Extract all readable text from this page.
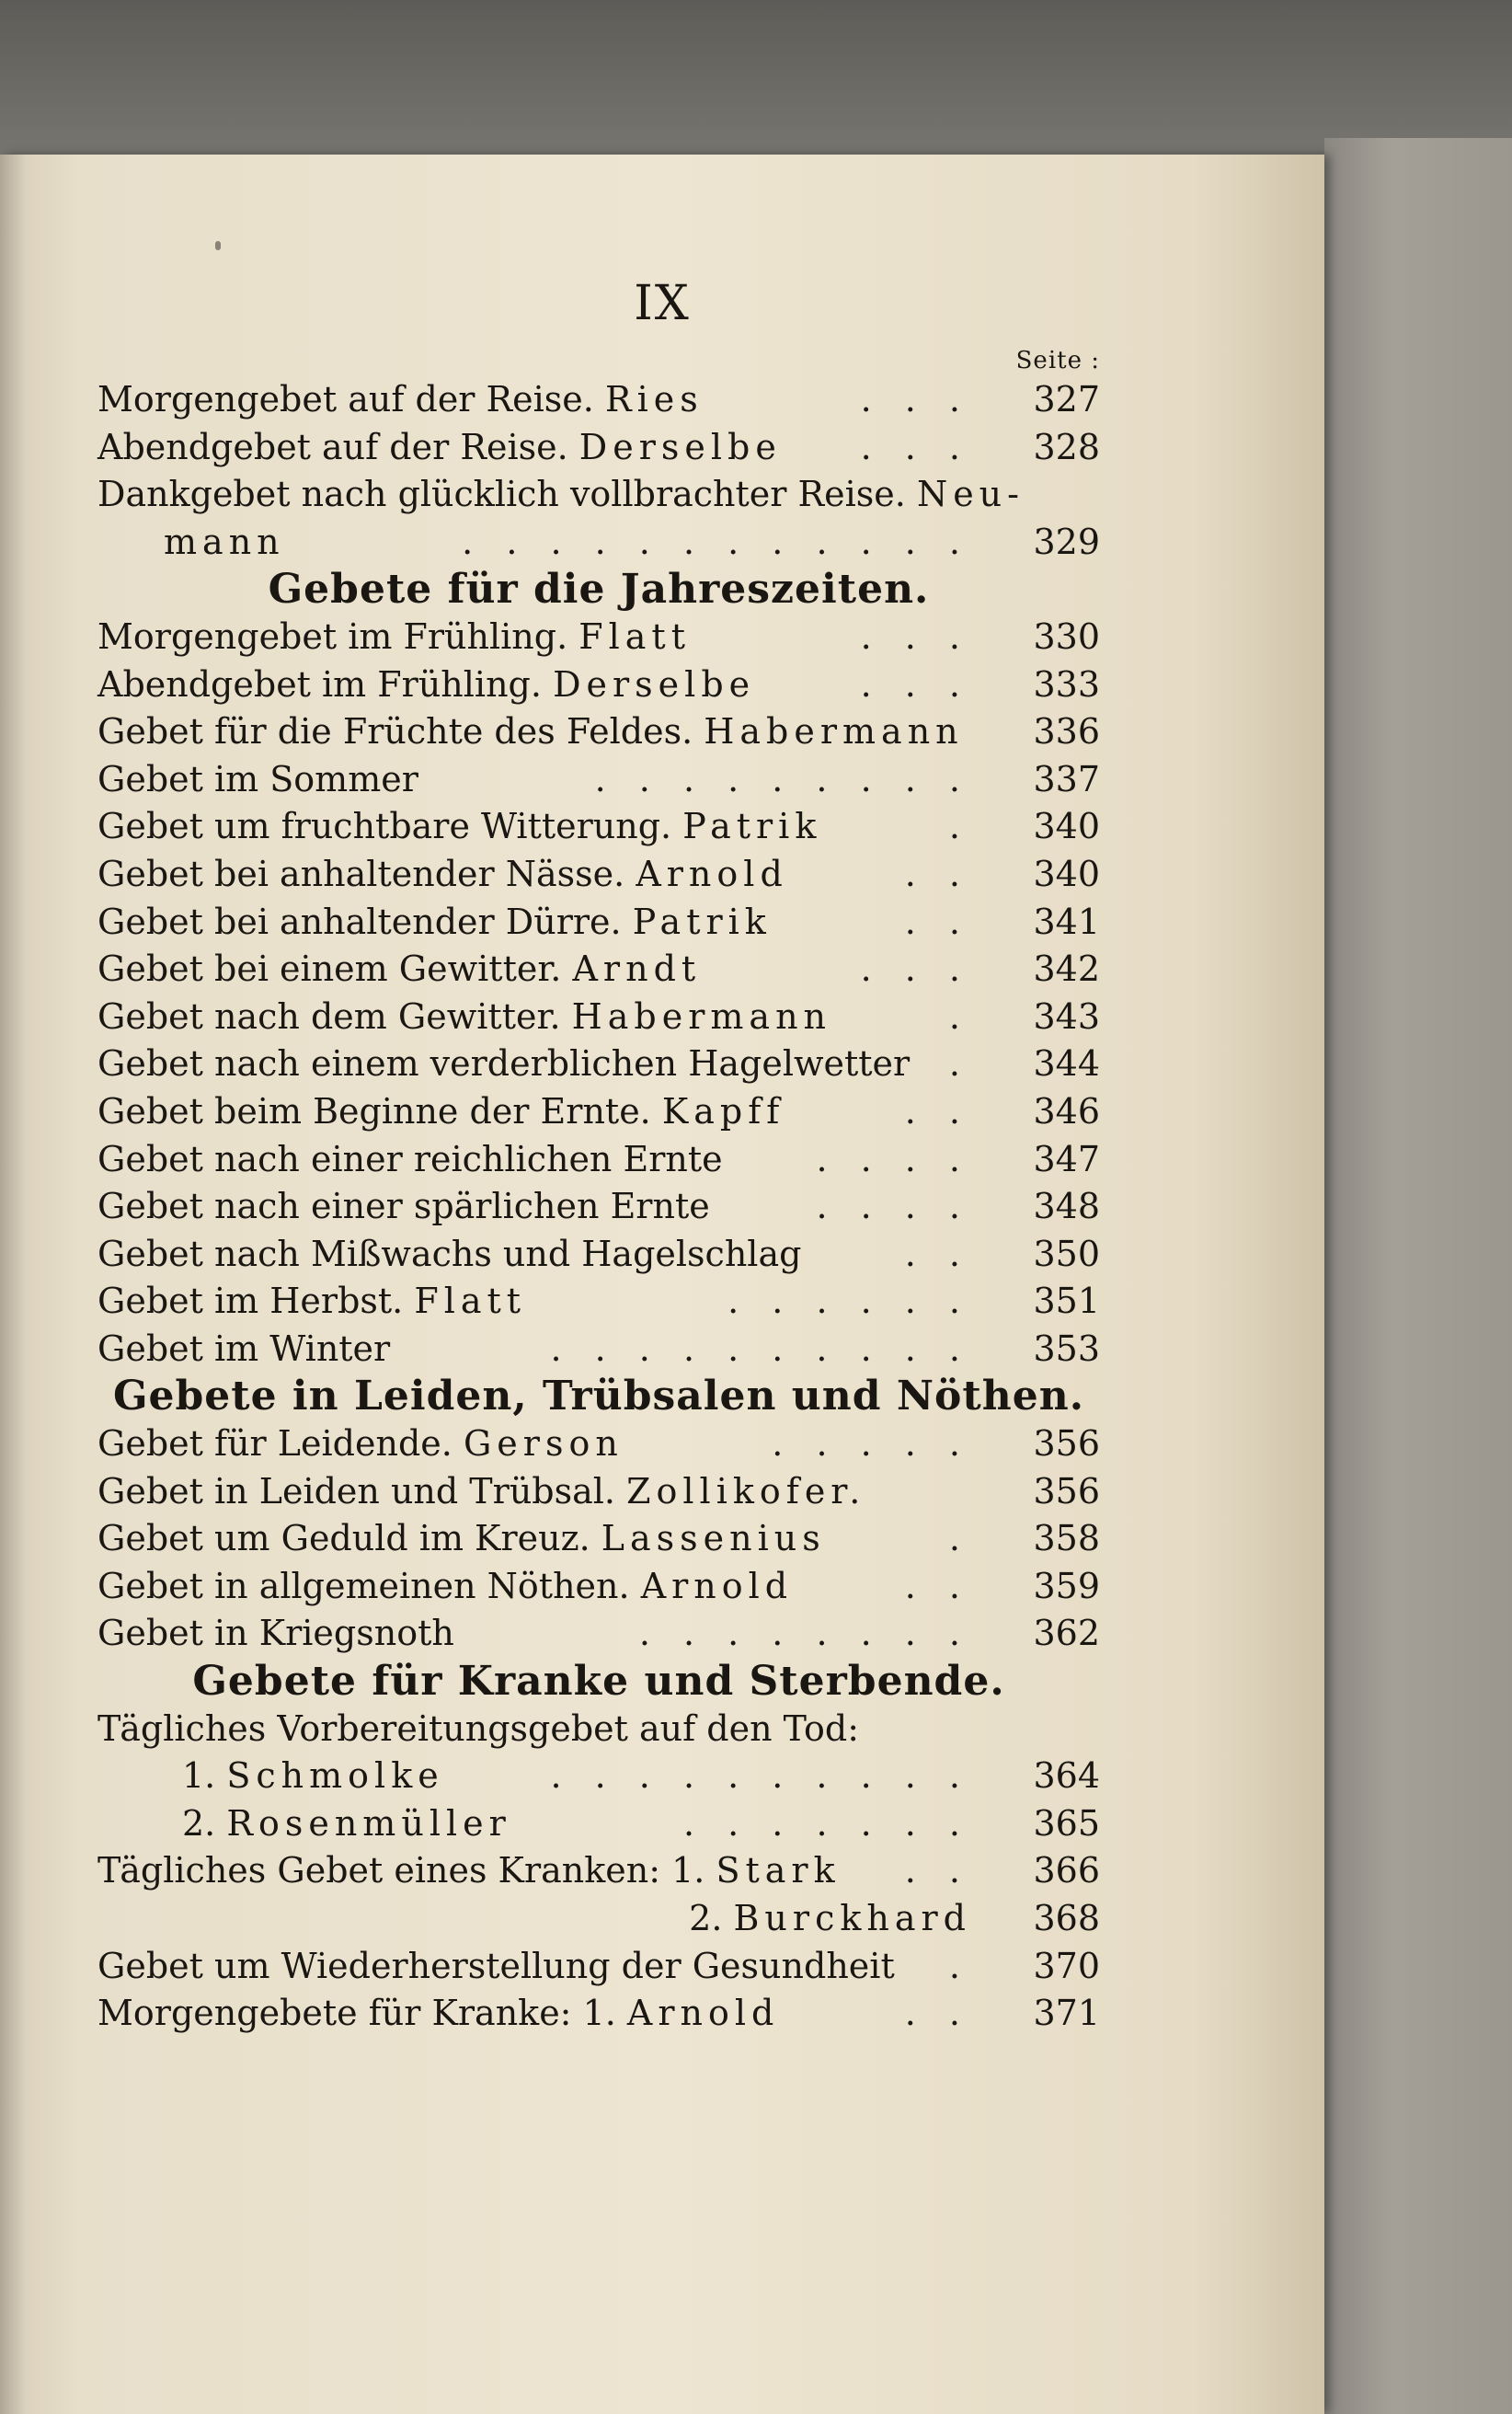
IX
Seite :
Morgengebet auf der Reise. Ries	. . .	327
Abendgebet auf der Reise. Derselbe . . .	328
Dankgebet nach glücklich vollbrachter Reise. Neu-
mann	. . . . . . . . . . . .	329
Gebete für die Jahreszeiten.
Morgengebet im Frühling. Flatt	. . .	330
Abendgebet im Frühling. Derselbe	. . .	333
Gebet für die Früchte des Feldes. Habermann	336
Gebet im Sommer	. . . . . . . . .	337
Gebet um fruchtbare Witterung. Patrik	.	340
Gebet bei anhaltender Nässe. Arnold	. .	340
Gebet bei anhaltender Dürre. Patrik	. .	341
Gebet bei einem Gewitter. Arndt	. . .	342
Gebet nach dem Gewitter. Habermann	.	343
Gebet nach einem verderblichen Hagelwetter .	344
Gebet beim Beginne der Ernte. Kapff	. .	346
Gebet nach einer reichlichen Ernte	. . . .	347
Gebet nach einer spärlichen Ernte	. . . .	348
Gebet nach Mißwachs und Hagelschlag	. .	350
Gebet im Herbst. Flatt	. . . . . .	351
Gebet im Winter	. . . . . . . . . .	353
Gebete in Leiden, Trübsalen und Nöthen.
Gebet für Leidende. Gerson	. . . . .	356
Gebet in Leiden und Trübsal. Zollikofer.	356
Gebet um Geduld im Kreuz. Lassenius	.	358
Gebet in allgemeinen Nöthen. Arnold	. .	359
Gebet in Kriegsnoth	. . . . . . . .	362
Gebete für Kranke und Sterbende.
Tägliches Vorbereitungsgebet auf den Tod:
1. Schmolke	. . . . . . . . . .	364
2. Rosenmüller	. . . . . . .	365
Tägliches Gebet eines Kranken: 1. Stark . .	366
2. Burckhard	368
Gebet um Wiederherstellung der Gesundheit .	370
Morgengebete für Kranke: 1. Arnold	. .	371
